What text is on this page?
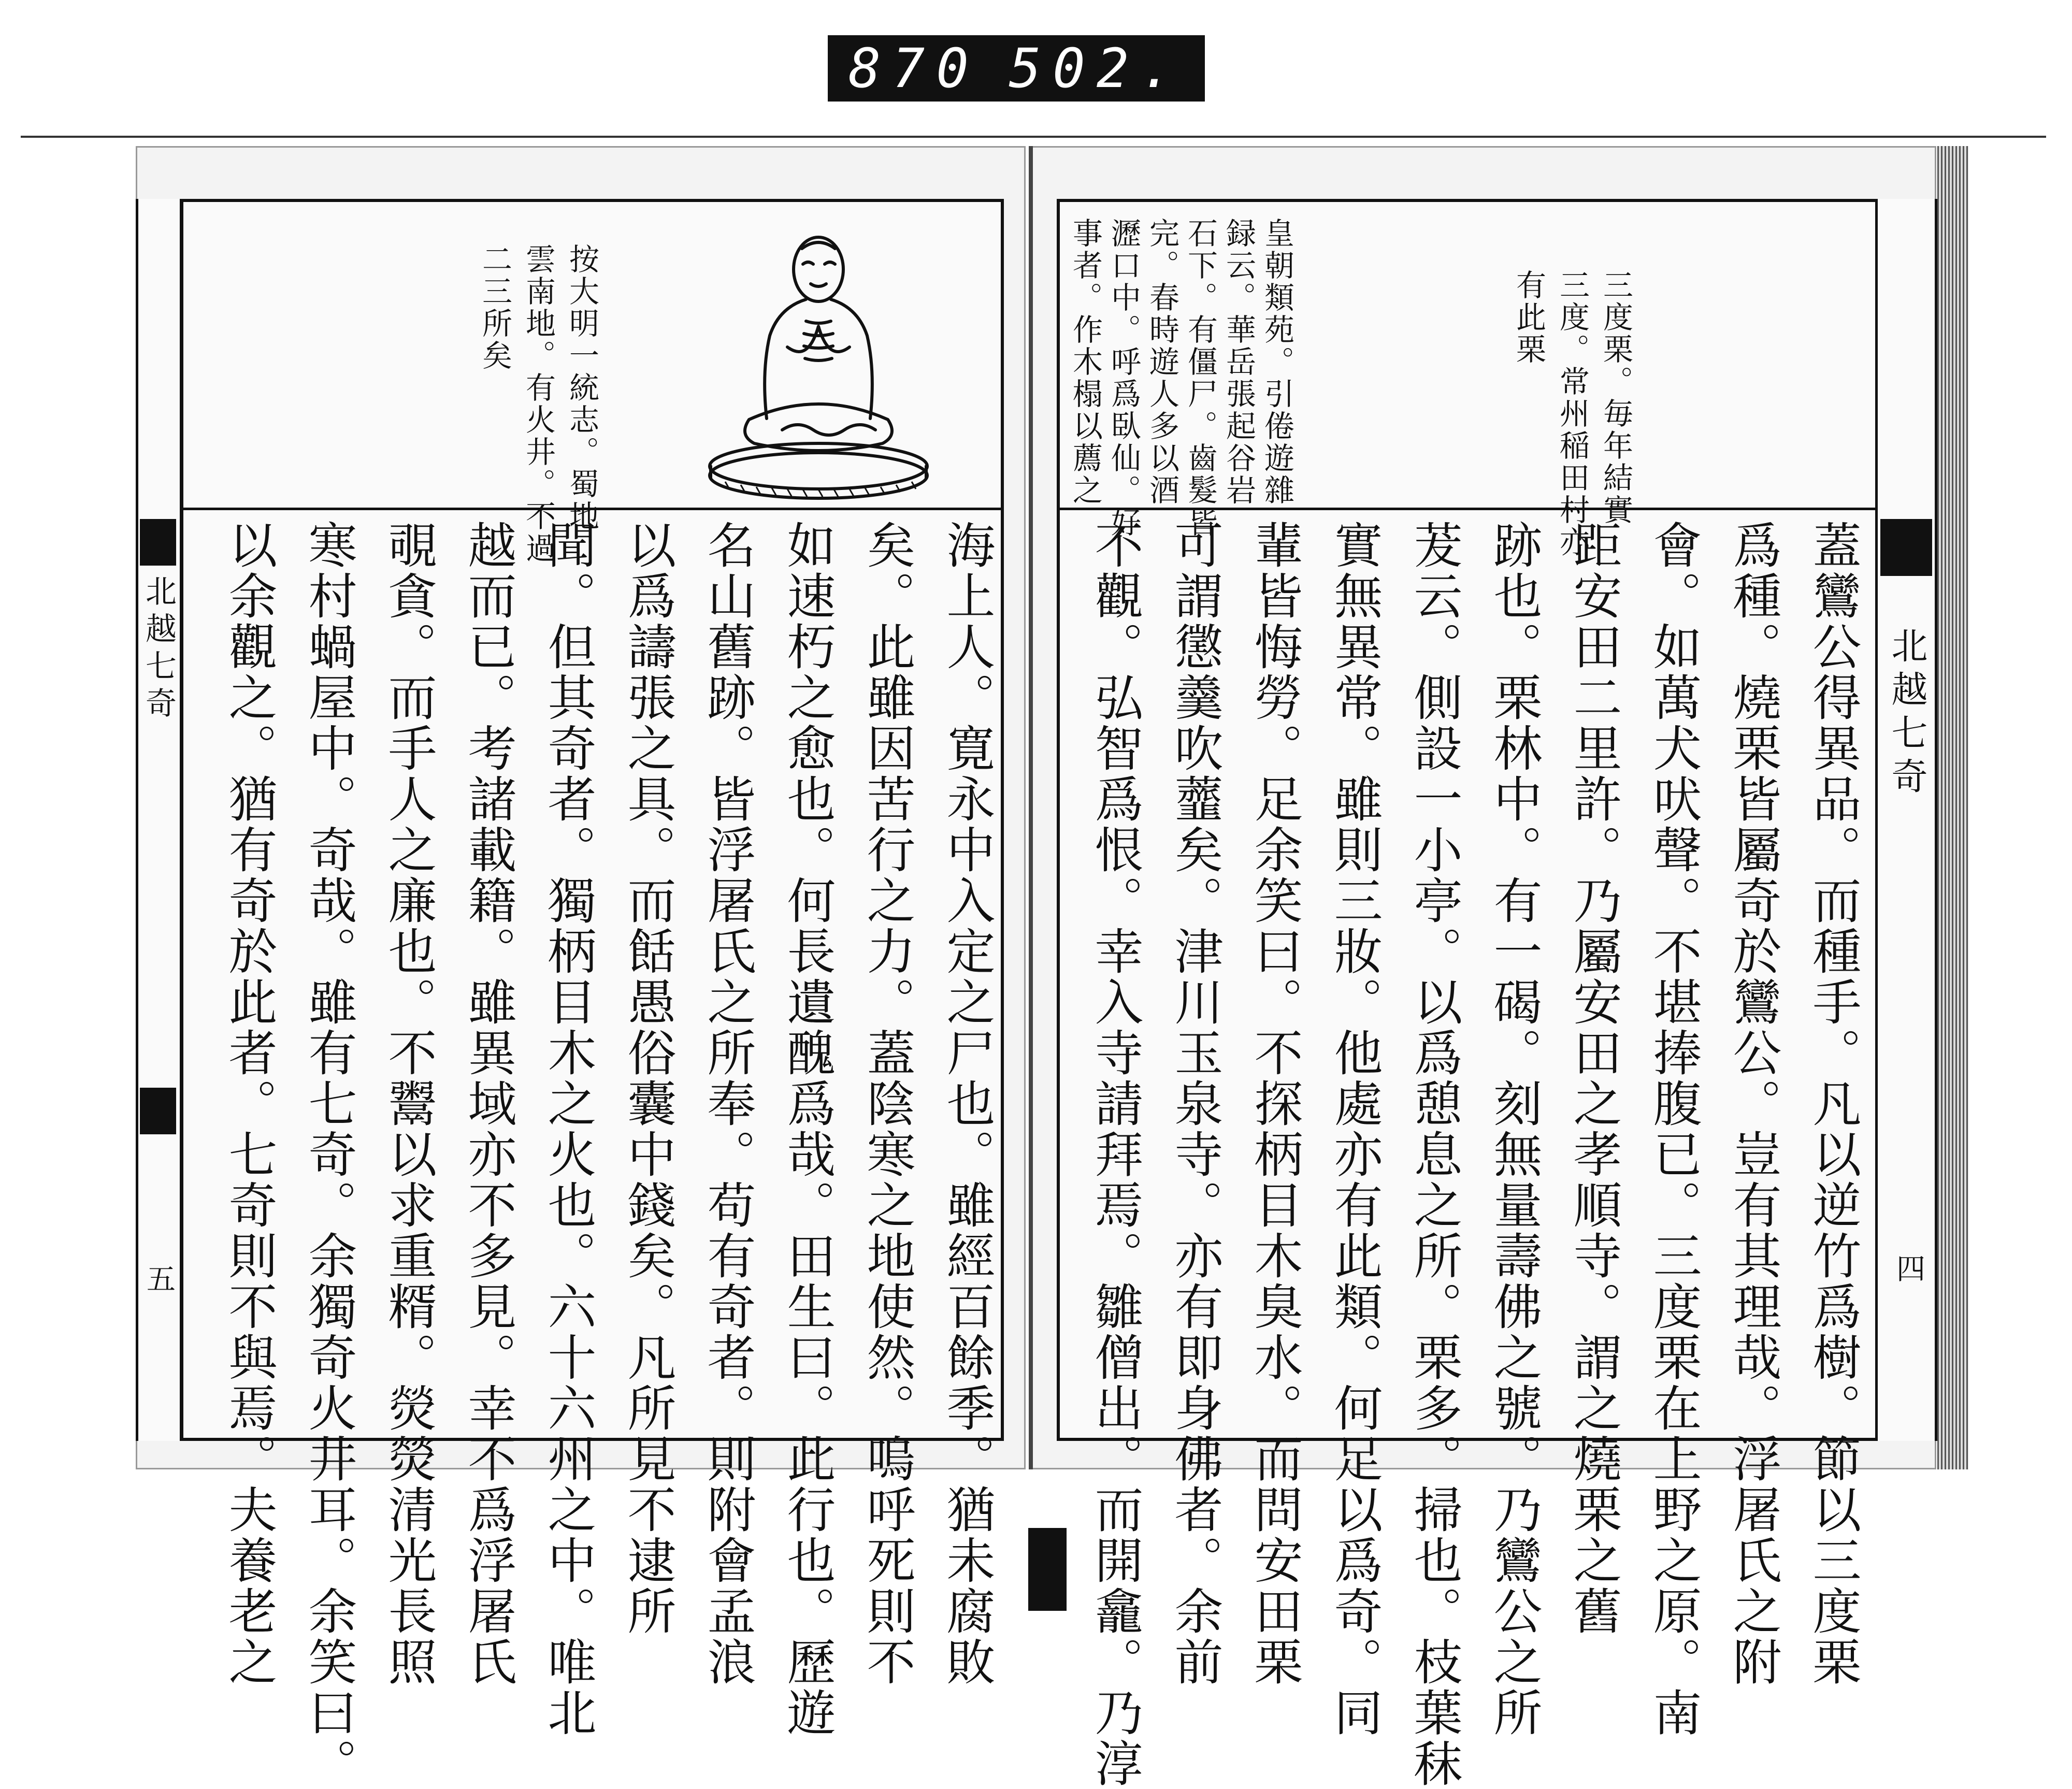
870 502.

北越七奇

五

北越七奇

四

按大明一統志。蜀地

雲南地。有火井。不過

二三所矣

海上人。寛永中入定之尸也。雖經百餘季。猶未腐敗

矣。此雖因苦行之力。蓋陰寒之地使然。嗚呼死則不

如速朽之愈也。何長遺醜爲哉。田生曰。此行也。歷遊

名山舊跡。皆浮屠氏之所奉。苟有奇者。則附會孟浪

以爲譸張之具。而餂愚俗囊中錢矣。凡所見不逮所

聞。但其奇者。獨柄目木之火也。六十六州之中。唯北

越而已。考諸載籍。雖異域亦不多見。幸不爲浮屠氏

覗貪。而手人之廉也。不鬻以求重糈。熒熒清光長照

寒村蝸屋中。奇哉。雖有七奇。余獨奇火井耳。余笑曰。

以余觀之。猶有奇於此者。七奇則不與焉。夫養老之

三度栗。毎年結實

三度。常州稲田村亦

有此栗

皇朝類苑。引倦遊雜

録云。華岳張起谷岩

石下。有僵尸。齒髮皆

完。春時遊人多以酒

瀝口中。呼爲臥仙。好

事者。作木榻以薦之

蓋鸞公得異品。而種手。凡以逆竹爲樹。節以三度栗

爲種。燒栗皆屬奇於鸞公。豈有其理哉。浮屠氏之附

會。如萬犬吠聲。不堪捧腹已。三度栗在上野之原。南

距安田二里許。乃屬安田之孝順寺。謂之燒栗之舊

跡也。栗林中。有一碣。刻無量壽佛之號。乃鸞公之所

茇云。側設一小亭。以爲憩息之所。栗多。掃也。枝葉秣

實無異常。雖則三妝。他處亦有此類。何足以爲奇。同

輩皆悔勞。足余笑曰。不探柄目木臭水。而問安田栗

可謂懲羹吹虀矣。津川玉泉寺。亦有即身佛者。余前

不觀。弘智爲恨。幸入寺請拜焉。雛僧出。而開龕。乃淳
